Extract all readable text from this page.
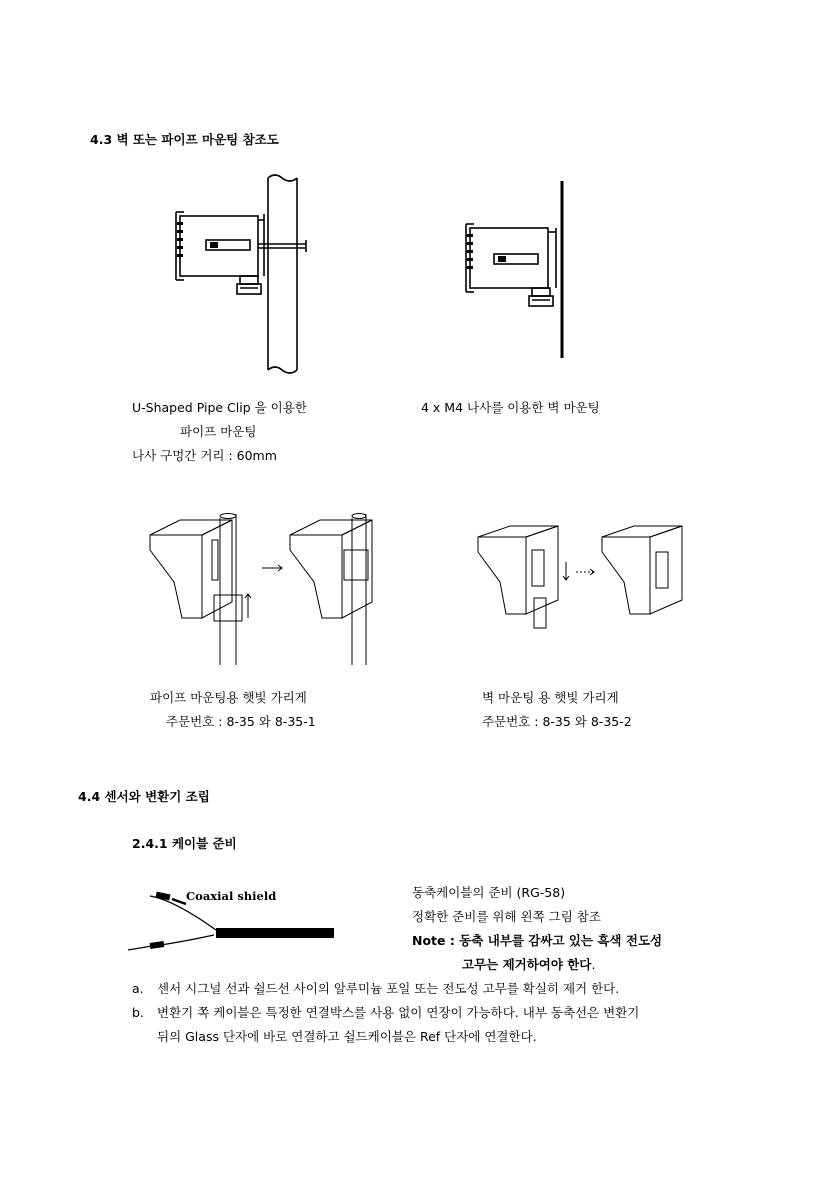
4.3 벽 또는 파이프 마운팅 참조도
U-Shaped Pipe Clip 을 이용한
파이프 마운팅
나사 구멍간 거리 : 60mm
4 x M4 나사를 이용한 벽 마운팅
파이프 마운팅용 햇빛 가리게
주문번호 : 8-35 와 8-35-1
벽 마운팅 용 햇빛 가리게
주문번호 : 8-35 와 8-35-2
4.4 센서와 변환기 조립
2.4.1 케이블 준비
Coaxial shield	동축케이블의 준비 (RG-58)
정확한 준비를 위해 왼쪽 그림 참조
Note : 동축 내부를 감싸고 있는 흑색 전도성
고무는 제거하여야 한다.
a. 센서 시그널 선과 쉴드선 사이의 알루미늄 포일 또는 전도성 고무를 확실히 제거 한다.
b. 변환기 쪽 케이블은 특정한 연결박스를 사용 없이 연장이 가능하다. 내부 동축선은 변환기
뒤의 Glass 단자에 바로 연결하고 쉴드케이블은 Ref 단자에 연결한다.
